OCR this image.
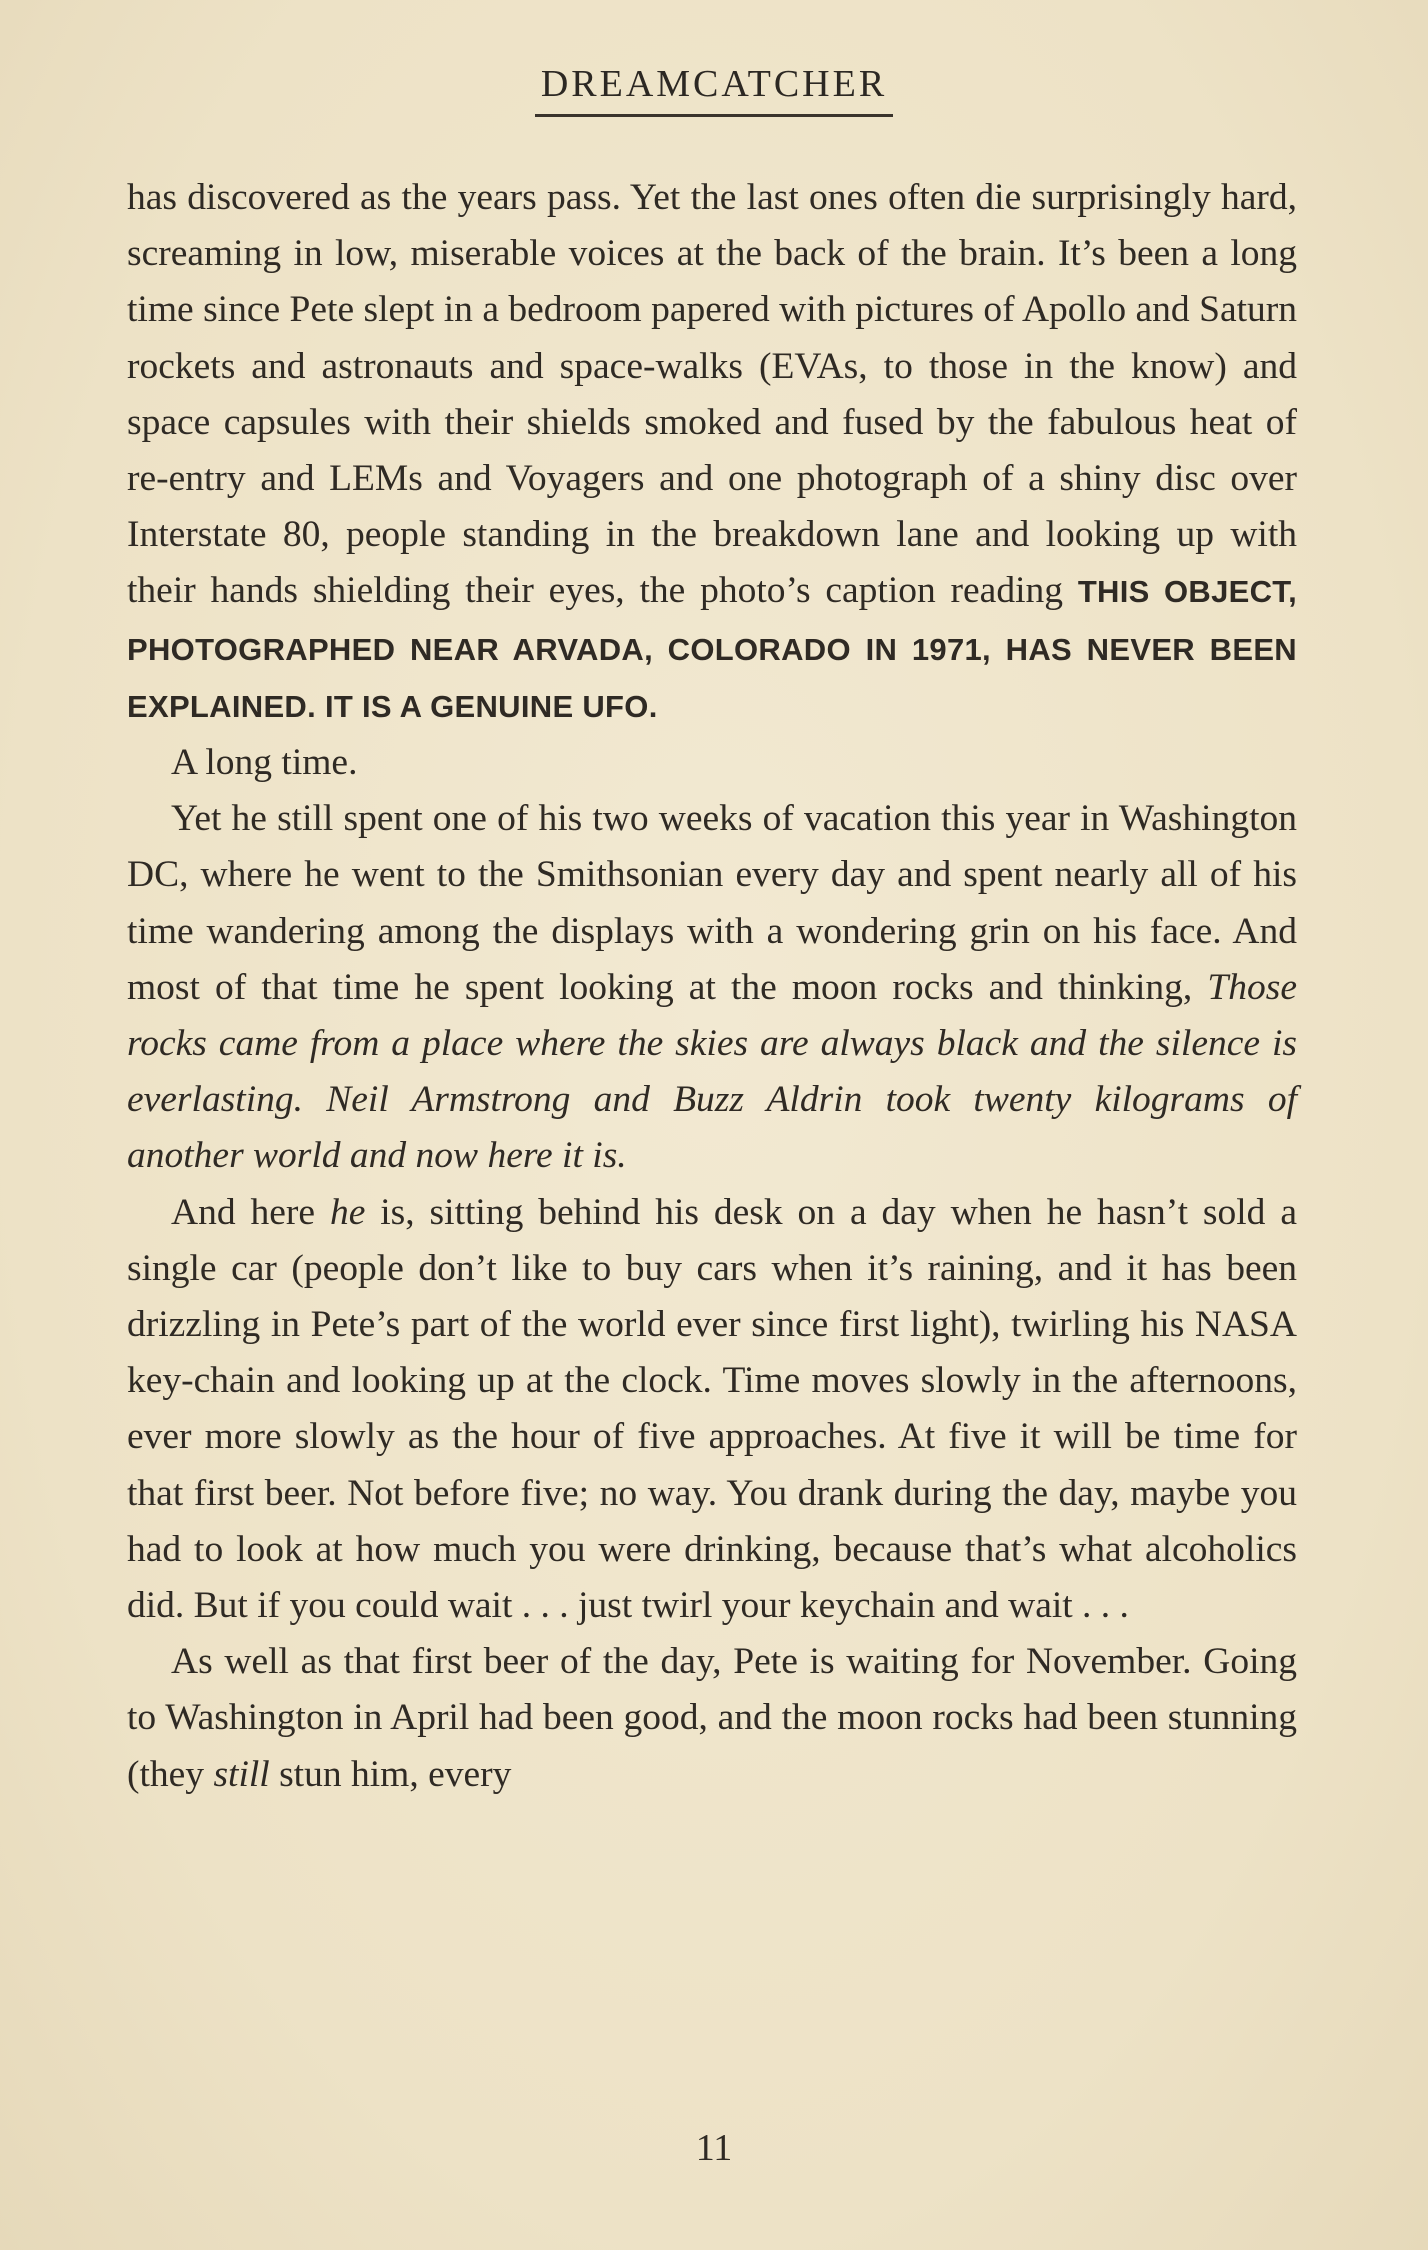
DREAMCATCHER

has discovered as the years pass. Yet the last ones often die surprisingly hard, screaming in low, miserable voices at the back of the brain. It’s been a long time since Pete slept in a bedroom papered with pictures of Apollo and Saturn rockets and astronauts and space-walks (EVAs, to those in the know) and space capsules with their shields smoked and fused by the fabulous heat of re-entry and LEMs and Voyagers and one photograph of a shiny disc over Interstate 80, people standing in the breakdown lane and looking up with their hands shielding their eyes, the photo’s caption reading THIS OBJECT, PHOTOGRAPHED NEAR ARVADA, COLORADO IN 1971, HAS NEVER BEEN EXPLAINED. IT IS A GENUINE UFO.

A long time.

Yet he still spent one of his two weeks of vacation this year in Washington DC, where he went to the Smithsonian every day and spent nearly all of his time wandering among the displays with a wondering grin on his face. And most of that time he spent looking at the moon rocks and thinking, Those rocks came from a place where the skies are always black and the silence is everlasting. Neil Armstrong and Buzz Aldrin took twenty kilograms of another world and now here it is.

And here he is, sitting behind his desk on a day when he hasn’t sold a single car (people don’t like to buy cars when it’s raining, and it has been drizzling in Pete’s part of the world ever since first light), twirling his NASA key-chain and looking up at the clock. Time moves slowly in the afternoons, ever more slowly as the hour of five approaches. At five it will be time for that first beer. Not before five; no way. You drank during the day, maybe you had to look at how much you were drinking, because that’s what alcoholics did. But if you could wait . . . just twirl your keychain and wait . . .

As well as that first beer of the day, Pete is waiting for November. Going to Washington in April had been good, and the moon rocks had been stunning (they still stun him, every

11
